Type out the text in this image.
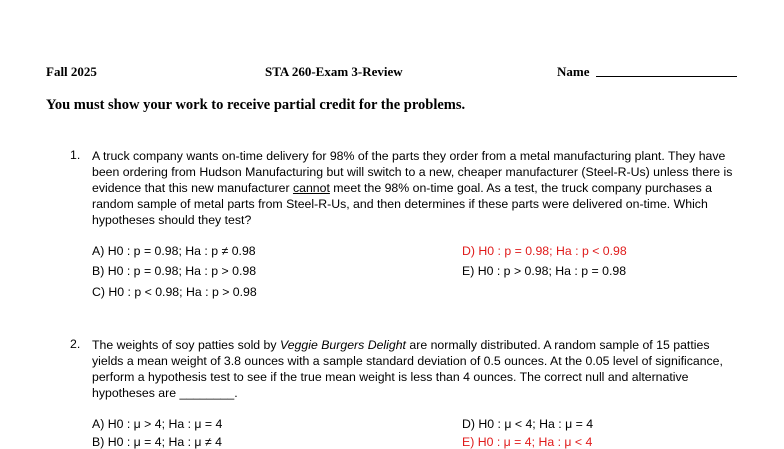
Fall 2025	STA 260-Exam 3-Review	Name
You must show your work to receive partial credit for the problems.
1. A truck company wants on-time delivery for 98% of the parts they order from a metal manufacturing plant. They have been ordering from Hudson Manufacturing but will switch to a new, cheaper manufacturer (Steel-R-Us) unless there is evidence that this new manufacturer cannot meet the 98% on-time goal. As a test, the truck company purchases a random sample of metal parts from Steel-R-Us, and then determines if these parts were delivered on-time. Which hypotheses should they test?
A) H0 : p = 0.98; Ha : p ≠ 0.98
B) H0 : p = 0.98; Ha : p > 0.98
C) H0 : p < 0.98; Ha : p > 0.98
D) H0 : p = 0.98; Ha : p < 0.98
E) H0 : p > 0.98; Ha : p = 0.98
2. The weights of soy patties sold by Veggie Burgers Delight are normally distributed. A random sample of 15 patties yields a mean weight of 3.8 ounces with a sample standard deviation of 0.5 ounces. At the 0.05 level of significance, perform a hypothesis test to see if the true mean weight is less than 4 ounces. The correct null and alternative hypotheses are ________.
A) H0 : μ > 4; Ha : μ = 4	D) H0 : μ < 4; Ha : μ = 4
B) H0 : μ = 4; Ha : μ ≠ 4	E) H0 : μ = 4; Ha : μ < 4
